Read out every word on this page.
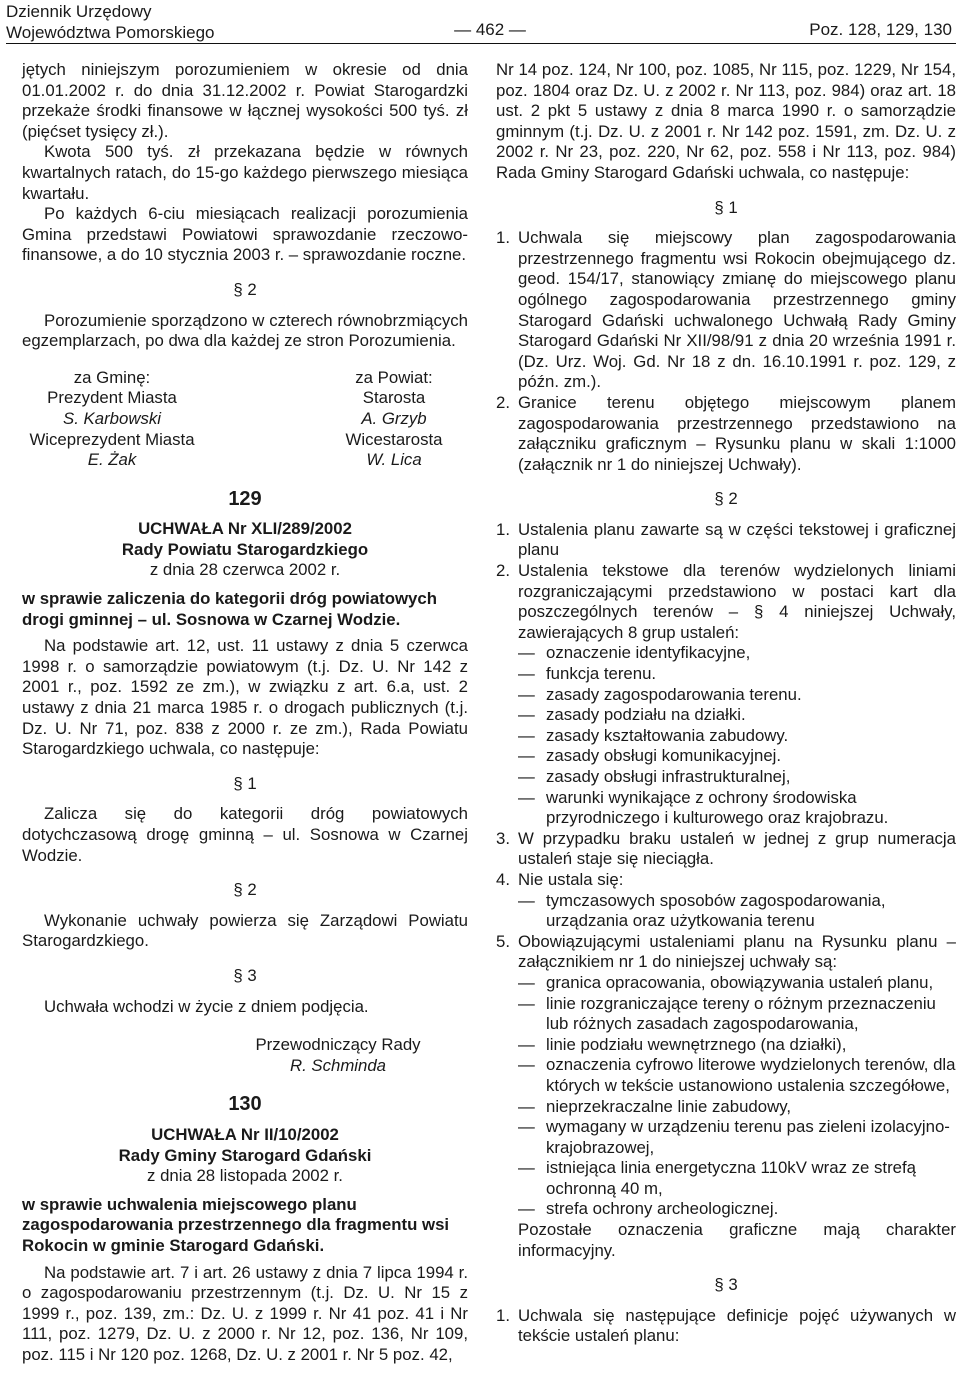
Dziennik Urzędowy
Województwa Pomorskiego	— 462 —	Poz. 128, 129, 130

jętych niniejszym porozumieniem w okresie od dnia 01.01.2002 r. do dnia 31.12.2002 r. Powiat Starogardzki przekaże środki finansowe w łącznej wysokości 500 tyś. zł (pięćset tysięcy zł.).

Kwota 500 tyś. zł przekazana będzie w równych kwartalnych ratach, do 15-go każdego pierwszego miesiąca kwartału.

Po każdych 6-ciu miesiącach realizacji porozumienia Gmina przedstawi Powiatowi sprawozdanie rzeczowo-finansowe, a do 10 stycznia 2003 r. – sprawozdanie roczne.

§ 2

Porozumienie sporządzono w czterech równobrzmiących egzemplarzach, po dwa dla każdej ze stron Porozumienia.

za Gminę:
Prezydent Miasta
S. Karbowski
Wiceprezydent Miasta
E. Żak
za Powiat:
Starosta
A. Grzyb
Wicestarosta
W. Lica
129
UCHWAŁA Nr XLI/289/2002
Rady Powiatu Starogardzkiego
z dnia 28 czerwca 2002 r.

w sprawie zaliczenia do kategorii dróg powiatowych drogi gminnej – ul. Sosnowa w Czarnej Wodzie.

Na podstawie art. 12, ust. 11 ustawy z dnia 5 czerwca 1998 r. o samorządzie powiatowym (t.j. Dz. U. Nr 142 z 2001 r., poz. 1592 ze zm.), w związku z art. 6.a, ust. 2 ustawy z dnia 21 marca 1985 r. o drogach publicznych (t.j. Dz. U. Nr 71, poz. 838 z 2000 r. ze zm.), Rada Powiatu Starogardzkiego uchwala, co następuje:

§ 1

Zalicza się do kategorii dróg powiatowych dotychczasową drogę gminną – ul. Sosnowa w Czarnej Wodzie.

§ 2

Wykonanie uchwały powierza się Zarządowi Powiatu Starogardzkiego.

§ 3

Uchwała wchodzi w życie z dniem podjęcia.

Przewodniczący Rady
R. Schminda
130
UCHWAŁA Nr II/10/2002
Rady Gminy Starogard Gdański
z dnia 28 listopada 2002 r.

w sprawie uchwalenia miejscowego planu zagospodarowania przestrzennego dla fragmentu wsi Rokocin w gminie Starogard Gdański.

Na podstawie art. 7 i art. 26 ustawy z dnia 7 lipca 1994 r. o zagospodarowaniu przestrzennym (t.j. Dz. U. Nr 15 z 1999 r., poz. 139, zm.: Dz. U. z 1999 r. Nr 41 poz. 41 i Nr 111, poz. 1279, Dz. U. z 2000 r. Nr 12, poz. 136, Nr 109, poz. 115 i Nr 120 poz. 1268, Dz. U. z 2001 r. Nr 5 poz. 42,

Nr 14 poz. 124, Nr 100, poz. 1085, Nr 115, poz. 1229, Nr 154, poz. 1804 oraz Dz. U. z 2002 r. Nr 113, poz. 984) oraz art. 18 ust. 2 pkt 5 ustawy z dnia 8 marca 1990 r. o samorządzie gminnym (t.j. Dz. U. z 2001 r. Nr 142 poz. 1591, zm. Dz. U. z 2002 r. Nr 23, poz. 220, Nr 62, poz. 558 i Nr 113, poz. 984) Rada Gminy Starogard Gdański uchwala, co następuje:

§ 1
1. Uchwala się miejscowy plan zagospodarowania przestrzennego fragmentu wsi Rokocin obejmującego dz. geod. 154/17, stanowiący zmianę do miejscowego planu ogólnego zagospodarowania przestrzennego gminy Starogard Gdański uchwalonego Uchwałą Rady Gminy Starogard Gdański Nr XII/98/91 z dnia 20 września 1991 r.(Dz. Urz. Woj. Gd. Nr 18 z dn. 16.10.1991 r. poz. 129, z późn. zm.).
2. Granice terenu objętego miejscowym planem zagospodarowania przestrzennego przedstawiono na załączniku graficznym – Rysunku planu w skali 1:1000 (załącznik nr 1 do niniejszej Uchwały).
§ 2
1. Ustalenia planu zawarte są w części tekstowej i graficznej planu
2. Ustalenia tekstowe dla terenów wydzielonych liniami rozgraniczającymi przedstawiono w postaci kart dla poszczególnych terenów – § 4 niniejszej Uchwały, zawierających 8 grup ustaleń:
— oznaczenie identyfikacyjne,
— funkcja terenu.
— zasady zagospodarowania terenu.
— zasady podziału na działki.
— zasady kształtowania zabudowy.
— zasady obsługi komunikacyjnej.
— zasady obsługi infrastrukturalnej,
— warunki wynikające z ochrony środowiska przyrodniczego i kulturowego oraz krajobrazu.
3. W przypadku braku ustaleń w jednej z grup numeracja ustaleń staje się nieciągła.
4. Nie ustala się:
— tymczasowych sposobów zagospodarowania, urządzania oraz użytkowania terenu
5. Obowiązującymi ustaleniami planu na Rysunku planu – załącznikiem nr 1 do niniejszej uchwały są:
— granica opracowania, obowiązywania ustaleń planu,
— linie rozgraniczające tereny o różnym przeznaczeniu lub różnych zasadach zagospodarowania,
— linie podziału wewnętrznego (na działki),
— oznaczenia cyfrowo literowe wydzielonych terenów, dla których w tekście ustanowiono ustalenia szczegółowe,
— nieprzekraczalne linie zabudowy,
— wymagany w urządzeniu terenu pas zieleni izolacyjno-krajobrazowej,
— istniejąca linia energetyczna 110kV wraz ze strefą ochronną 40 m,
— strefa ochrony archeologicznej.

Pozostałe oznaczenia graficzne mają charakter informacyjny.

§ 3
1. Uchwala się następujące definicje pojęć używanych w tekście ustaleń planu:
